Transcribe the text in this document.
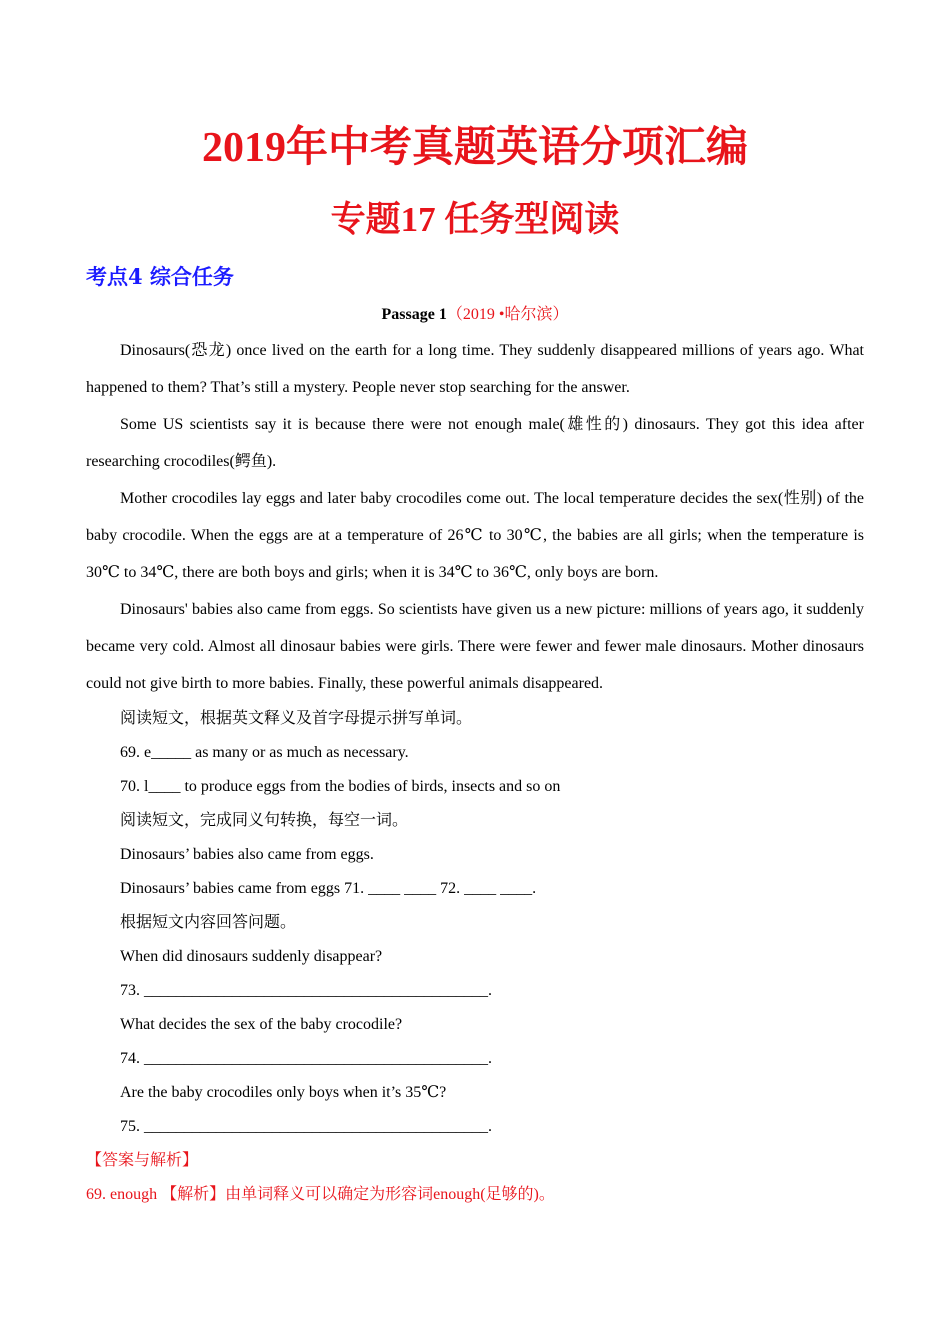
2019年中考真题英语分项汇编
专题17 任务型阅读
考点4 综合任务
Passage 1（2019 •哈尔滨）

Dinosaurs(恐龙) once lived on the earth for a long time. They suddenly disappeared millions of years ago. What happened to them? That’s still a mystery. People never stop searching for the answer.

Some US scientists say it is because there were not enough male(雄性的) dinosaurs. They got this idea after researching crocodiles(鳄鱼).

Mother crocodiles lay eggs and later baby crocodiles come out. The local temperature decides the sex(性别) of the baby crocodile. When the eggs are at a temperature of 26℃ to 30℃, the babies are all girls; when the temperature is 30℃ to 34℃, there are both boys and girls; when it is 34℃ to 36℃, only boys are born.

Dinosaurs' babies also came from eggs. So scientists have given us a new picture: millions of years ago, it suddenly became very cold. Almost all dinosaur babies were girls. There were fewer and fewer male dinosaurs. Mother dinosaurs could not give birth to more babies. Finally, these powerful animals disappeared.

阅读短文，根据英文释义及首字母提示拼写单词。

69. e_____ as many or as much as necessary.

70. l____ to produce eggs from the bodies of birds, insects and so on

阅读短文，完成同义句转换，每空一词。

Dinosaurs’ babies also came from eggs.

Dinosaurs’ babies came from eggs 71. ____ ____ 72. ____ ____.

根据短文内容回答问题。

When did dinosaurs suddenly disappear?

73. ___________________________________________.

What decides the sex of the baby crocodile?

74. ___________________________________________.

Are the baby crocodiles only boys when it’s 35℃?

75. ___________________________________________.

【答案与解析】

69. enough 【解析】由单词释义可以确定为形容词enough(足够的)。
